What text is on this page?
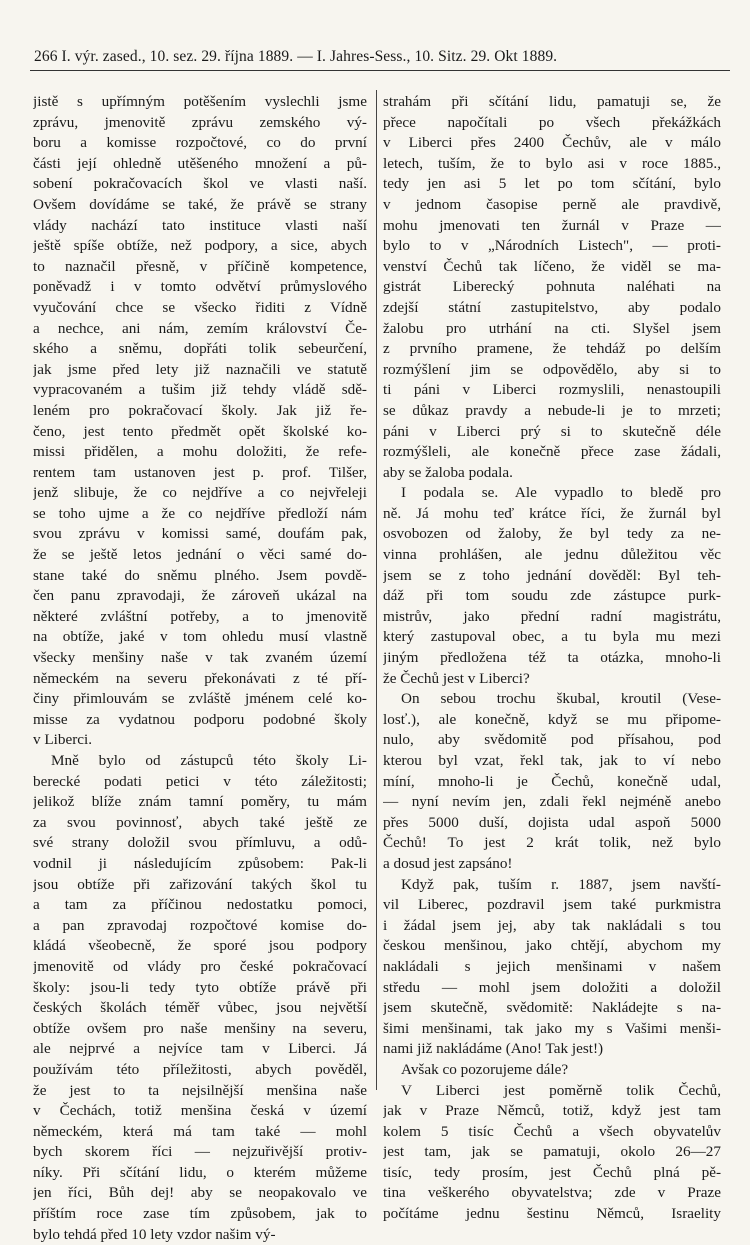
266 I. výr. zased., 10. sez. 29. října 1889. — I. Jahres-Sess., 10. Sitz. 29. Okt 1889.
jistě s upřímným potěšením vyslechli jsme
zprávu, jmenovitě zprávu zemského vý-
boru a komisse rozpočtové, co do první
části její ohledně utěšeného množení a pů-
sobení pokračovacích škol ve vlasti naší.
Ovšem dovídáme se také, že právě se strany
vlády nachází tato instituce vlasti naší
ještě spíše obtíže, než podpory, a sice, abych
to naznačil přesně, v příčině kompetence,
poněvadž i v tomto odvětví průmyslového
vyučování chce se všecko řiditi z Vídně
a nechce, ani nám, zemím království Če-
ského a sněmu, dopřáti tolik sebeurčení,
jak jsme před lety již naznačili ve statutě
vypracovaném a tušim již tehdy vládě sdě-
leném pro pokračovací školy. Jak již ře-
čeno, jest tento předmět opět školské ko-
missi přidělen, a mohu doložiti, že refe-
rentem tam ustanoven jest p. prof. Tilšer,
jenž slibuje, že co nejdříve a co nejvřeleji
se toho ujme a že co nejdříve předloží nám
svou zprávu v komissi samé, doufám pak,
že se ještě letos jednání o věci samé do-
stane také do sněmu plného. Jsem povdě-
čen panu zpravodaji, že zároveň ukázal na
některé zvláštní potřeby, a to jmenovitě
na obtíže, jaké v tom ohledu musí vlastně
všecky menšiny naše v tak zvaném území
německém na severu překonávati z té pří-
činy přimlouvám se zvláště jménem celé ko-
misse za vydatnou podporu podobné školy
v Liberci.
Mně bylo od zástupců této školy Li-
berecké podati petici v této záležitosti;
jelikož blíže znám tamní poměry, tu mám
za svou povinnosť, abych také ještě ze
své strany doložil svou přímluvu, a odů-
vodnil ji následujícím způsobem: Pak-li
jsou obtíže při zařizování takých škol tu
a tam za příčinou nedostatku pomoci,
a pan zpravodaj rozpočtové komise do-
kládá všeobecně, že sporé jsou podpory
jmenovitě od vlády pro české pokračovací
školy: jsou-li tedy tyto obtíže právě při
českých školách téměř vůbec, jsou největší
obtíže ovšem pro naše menšiny na severu,
ale nejprvé a nejvíce tam v Liberci. Já
používám této příležitosti, abych pověděl,
že jest to ta nejsilnější menšina naše
v Čechách, totiž menšina česká v území
německém, která má tam také — mohl
bych skorem říci — nejzuřivější protiv-
níky. Při sčítání lidu, o kterém můžeme
jen říci, Bůh dej! aby se neopakovalo ve
příštím roce zase tím způsobem, jak to
bylo tehdá před 10 lety vzdor našim vý-
strahám při sčítání lidu, pamatuji se, že
přece napočítali po všech překážkách
v Liberci přes 2400 Čechův, ale v málo
letech, tuším, že to bylo asi v roce 1885.,
tedy jen asi 5 let po tom sčítání, bylo
v jednom časopise perně ale pravdivě,
mohu jmenovati ten žurnál v Praze —
bylo to v „Národních Listech", — proti-
venství Čechů tak líčeno, že viděl se ma-
gistrát Liberecký pohnuta naléhati na
zdejší státní zastupitelstvo, aby podalo
žalobu pro utrhání na cti. Slyšel jsem
z prvního pramene, že tehdáž po delším
rozmýšlení jim se odpovědělo, aby si to
ti páni v Liberci rozmyslili, nenastoupili
se důkaz pravdy a nebude-li je to mrzeti;
páni v Liberci prý si to skutečně déle
rozmýšleli, ale konečně přece zase žádali,
aby se žaloba podala.
I podala se. Ale vypadlo to bledě pro
ně. Já mohu teď krátce říci, že žurnál byl
osvobozen od žaloby, že byl tedy za ne-
vinna prohlášen, ale jednu důležitou věc
jsem se z toho jednání dověděl: Byl teh-
dáž při tom soudu zde zástupce purk-
mistrův, jako přední radní magistrátu,
který zastupoval obec, a tu byla mu mezi
jiným předložena též ta otázka, mnoho-li
že Čechů jest v Liberci?
On sebou trochu škubal, kroutil (Vese-
losť.), ale konečně, když se mu připome-
nulo, aby svědomitě pod přísahou, pod
kterou byl vzat, řekl tak, jak to ví nebo
míní, mnoho-li je Čechů, konečně udal,
— nyní nevím jen, zdali řekl nejméně anebo
přes 5000 duší, dojista udal aspoň 5000
Čechů! To jest 2 krát tolik, než bylo
a dosud jest zapsáno!
Když pak, tuším r. 1887, jsem navští-
vil Liberec, pozdravil jsem také purkmistra
i žádal jsem jej, aby tak nakládali s tou
českou menšinou, jako chtějí, abychom my
nakládali s jejich menšinami v našem
středu — mohl jsem doložiti a doložil
jsem skutečně, svědomitě: Nakládejte s na-
šimi menšinami, tak jako my s Vašimi menši-
nami již nakládáme (Ano! Tak jest!)
Avšak co pozorujeme dále?
V Liberci jest poměrně tolik Čechů,
jak v Praze Němců, totiž, když jest tam
kolem 5 tisíc Čechů a všech obyvatelův
jest tam, jak se pamatuji, okolo 26—27
tisíc, tedy prosím, jest Čechů plná pě-
tina veškerého obyvatelstva; zde v Praze
počítáme jednu šestinu Němců, Israelity
